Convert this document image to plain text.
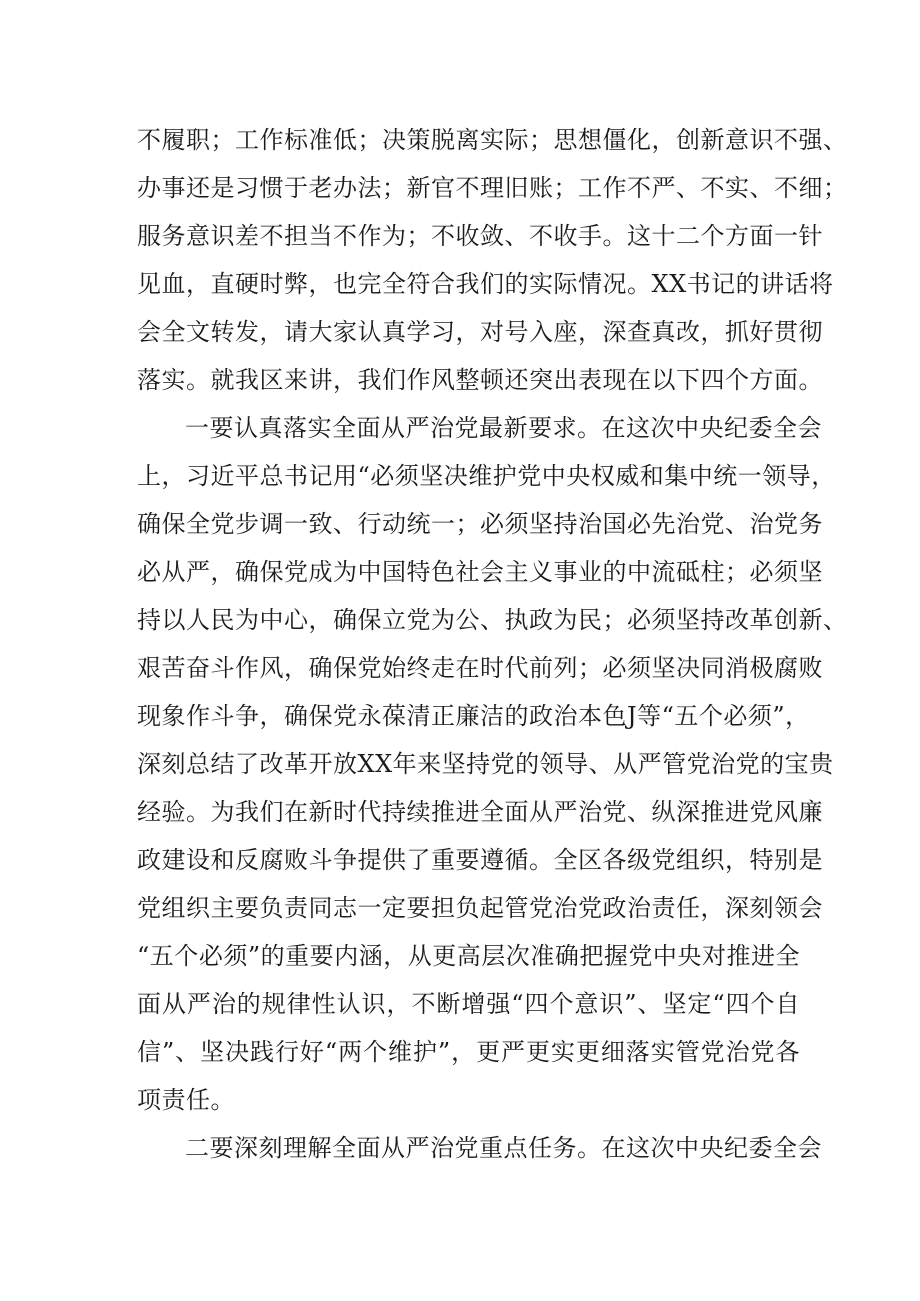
不履职；工作标准低；决策脱离实际；思想僵化，创新意识不强、
办事还是习惯于老办法；新官不理旧账；工作不严、不实、不细；
服务意识差不担当不作为；不收敛、不收手。这十二个方面一针
见血，直硬时弊，也完全符合我们的实际情况。XX书记的讲话将
会全文转发，请大家认真学习，对号入座，深查真改，抓好贯彻
落实。就我区来讲，我们作风整顿还突出表现在以下四个方面。
一要认真落实全面从严治党最新要求。在这次中央纪委全会
上，习近平总书记用“必须坚决维护党中央权威和集中统一领导，
确保全党步调一致、行动统一；必须坚持治国必先治党、治党务
必从严，确保党成为中国特色社会主义事业的中流砥柱；必须坚
持以人民为中心，确保立党为公、执政为民；必须坚持改革创新、
艰苦奋斗作风，确保党始终走在时代前列；必须坚决同消极腐败
现象作斗争，确保党永葆清正廉洁的政治本色J等“五个必须”，
深刻总结了改革开放XX年来坚持党的领导、从严管党治党的宝贵
经验。为我们在新时代持续推进全面从严治党、纵深推进党风廉
政建设和反腐败斗争提供了重要遵循。全区各级党组织，特别是
党组织主要负责同志一定要担负起管党治党政治责任，深刻领会
“五个必须”的重要内涵，从更高层次准确把握党中央对推进全
面从严治的规律性认识，不断增强“四个意识”、坚定“四个自
信”、坚决践行好“两个维护”，更严更实更细落实管党治党各
项责任。
二要深刻理解全面从严治党重点任务。在这次中央纪委全会
